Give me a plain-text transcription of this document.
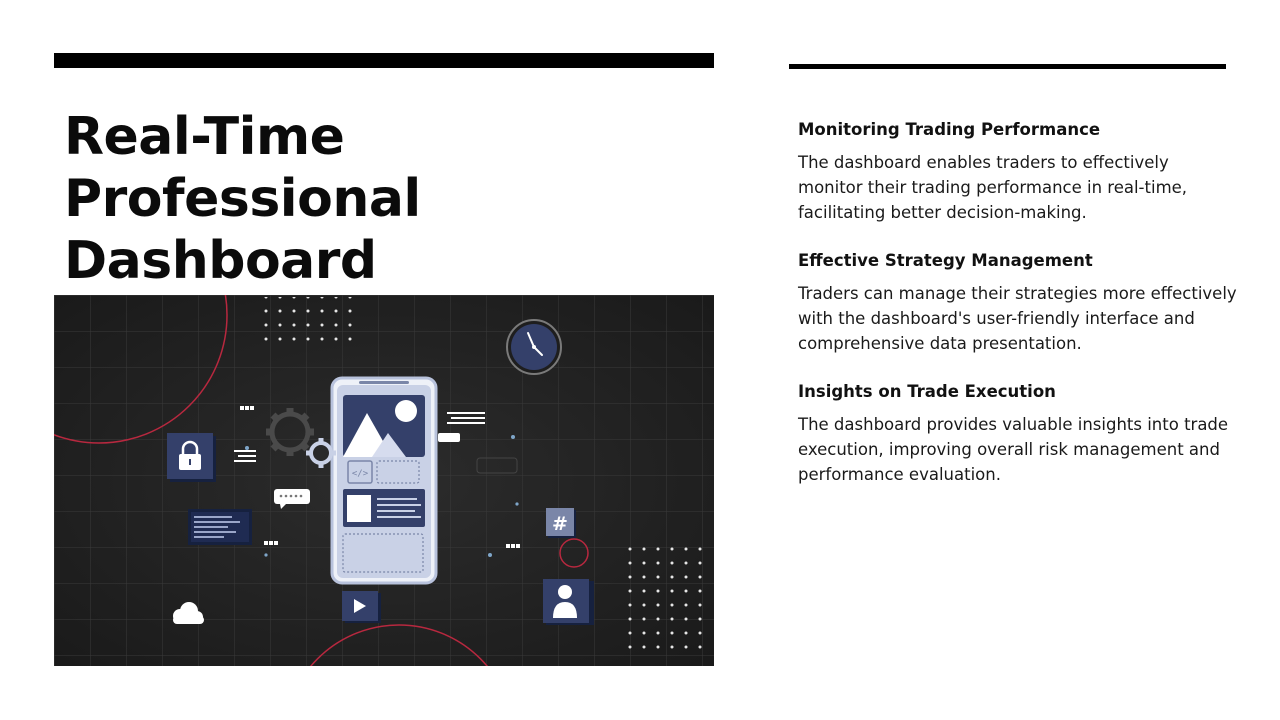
Real-Time Professional
Dashboard
</>
#
Monitoring Trading Performance

The dashboard enables traders to effectively monitor their trading performance in real-time, facilitating better decision-making.

Effective Strategy Management

Traders can manage their strategies more effectively with the dashboard's user-friendly interface and comprehensive data presentation.

Insights on Trade Execution

The dashboard provides valuable insights into trade execution, improving overall risk management and performance evaluation.
